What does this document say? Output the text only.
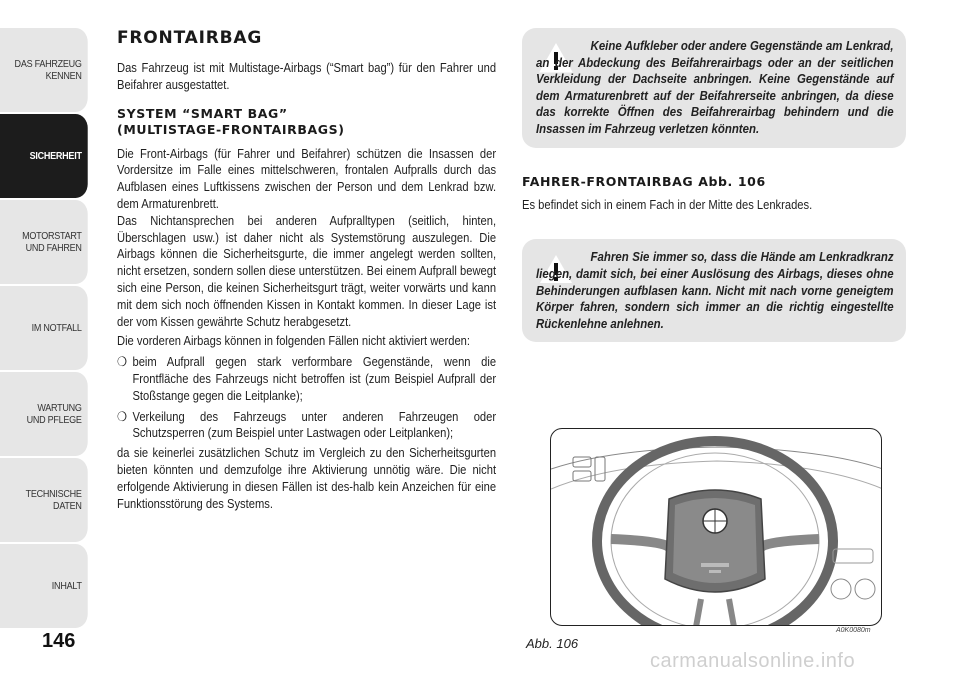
DAS FAHRZEUG
KENNEN
SICHERHEIT
MOTORSTART
UND FAHREN
IM NOTFALL
WARTUNG
UND PFLEGE
TECHNISCHE
DATEN
INHALT
146
FRONTAIRBAG
Das Fahrzeug ist mit Multistage-Airbags (“Smart bag”) für den Fahrer und Beifahrer ausgestattet.
SYSTEM “SMART BAG” (MULTISTAGE-FRONTAIRBAGS)
Die Front-Airbags (für Fahrer und Beifahrer) schützen die Insassen der Vordersitze im Falle eines mittelschweren, frontalen Aufpralls durch das Aufblasen eines Luftkissens zwischen der Person und dem Lenkrad bzw. dem Armaturenbrett.
Das Nichtansprechen bei anderen Aufpralltypen (seitlich, hinten, Überschlagen usw.) ist daher nicht als Systemstörung auszulegen. Die Airbags können die Sicherheitsgurte, die immer angelegt werden sollten, nicht ersetzen, sondern sollen diese unterstützen. Bei einem Aufprall bewegt sich eine Person, die keinen Sicherheitsgurt trägt, weiter vorwärts und kann mit dem sich noch öffnenden Kissen in Kontakt kommen. In dieser Lage ist der vom Kissen gewährte Schutz herabgesetzt.
Die vorderen Airbags können in folgenden Fällen nicht aktiviert werden:
❍ beim Aufprall gegen stark verformbare Gegenstände, wenn die Frontfläche des Fahrzeugs nicht betroffen ist (zum Beispiel Aufprall der Stoßstange gegen die Leitplanke);
❍ Verkeilung des Fahrzeugs unter anderen Fahrzeugen oder Schutzsperren (zum Beispiel unter Lastwagen oder Leitplanken);
da sie keinerlei zusätzlichen Schutz im Vergleich zu den Sicherheitsgurten bieten könnten und demzufolge ihre Aktivierung unnötig wäre. Die nicht erfolgende Aktivierung in diesen Fällen ist des-halb kein Anzeichen für eine Funktionsstörung des Systems.
Keine Aufkleber oder andere Gegenstände am Lenkrad, an der Abdeckung des Beifahrerairbags oder an der seitlichen Verkleidung der Dachseite anbringen. Keine Gegenstände auf dem Armaturenbrett auf der Beifahrerseite anbringen, da diese das korrekte Öffnen des Beifahrerairbag behindern und die Insassen im Fahrzeug verletzen könnten.
FAHRER-FRONTAIRBAG Abb. 106
Es befindet sich in einem Fach in der Mitte des Lenkrades.
Fahren Sie immer so, dass die Hände am Lenkradkranz liegen, damit sich, bei einer Auslösung des Airbags, dieses ohne Behinderungen aufblasen kann. Nicht mit nach vorne geneigtem Körper fahren, sondern sich immer an die richtig eingestellte Rückenlehne anlehnen.
Abb. 106
A0K0080m
carmanualsonline.info
